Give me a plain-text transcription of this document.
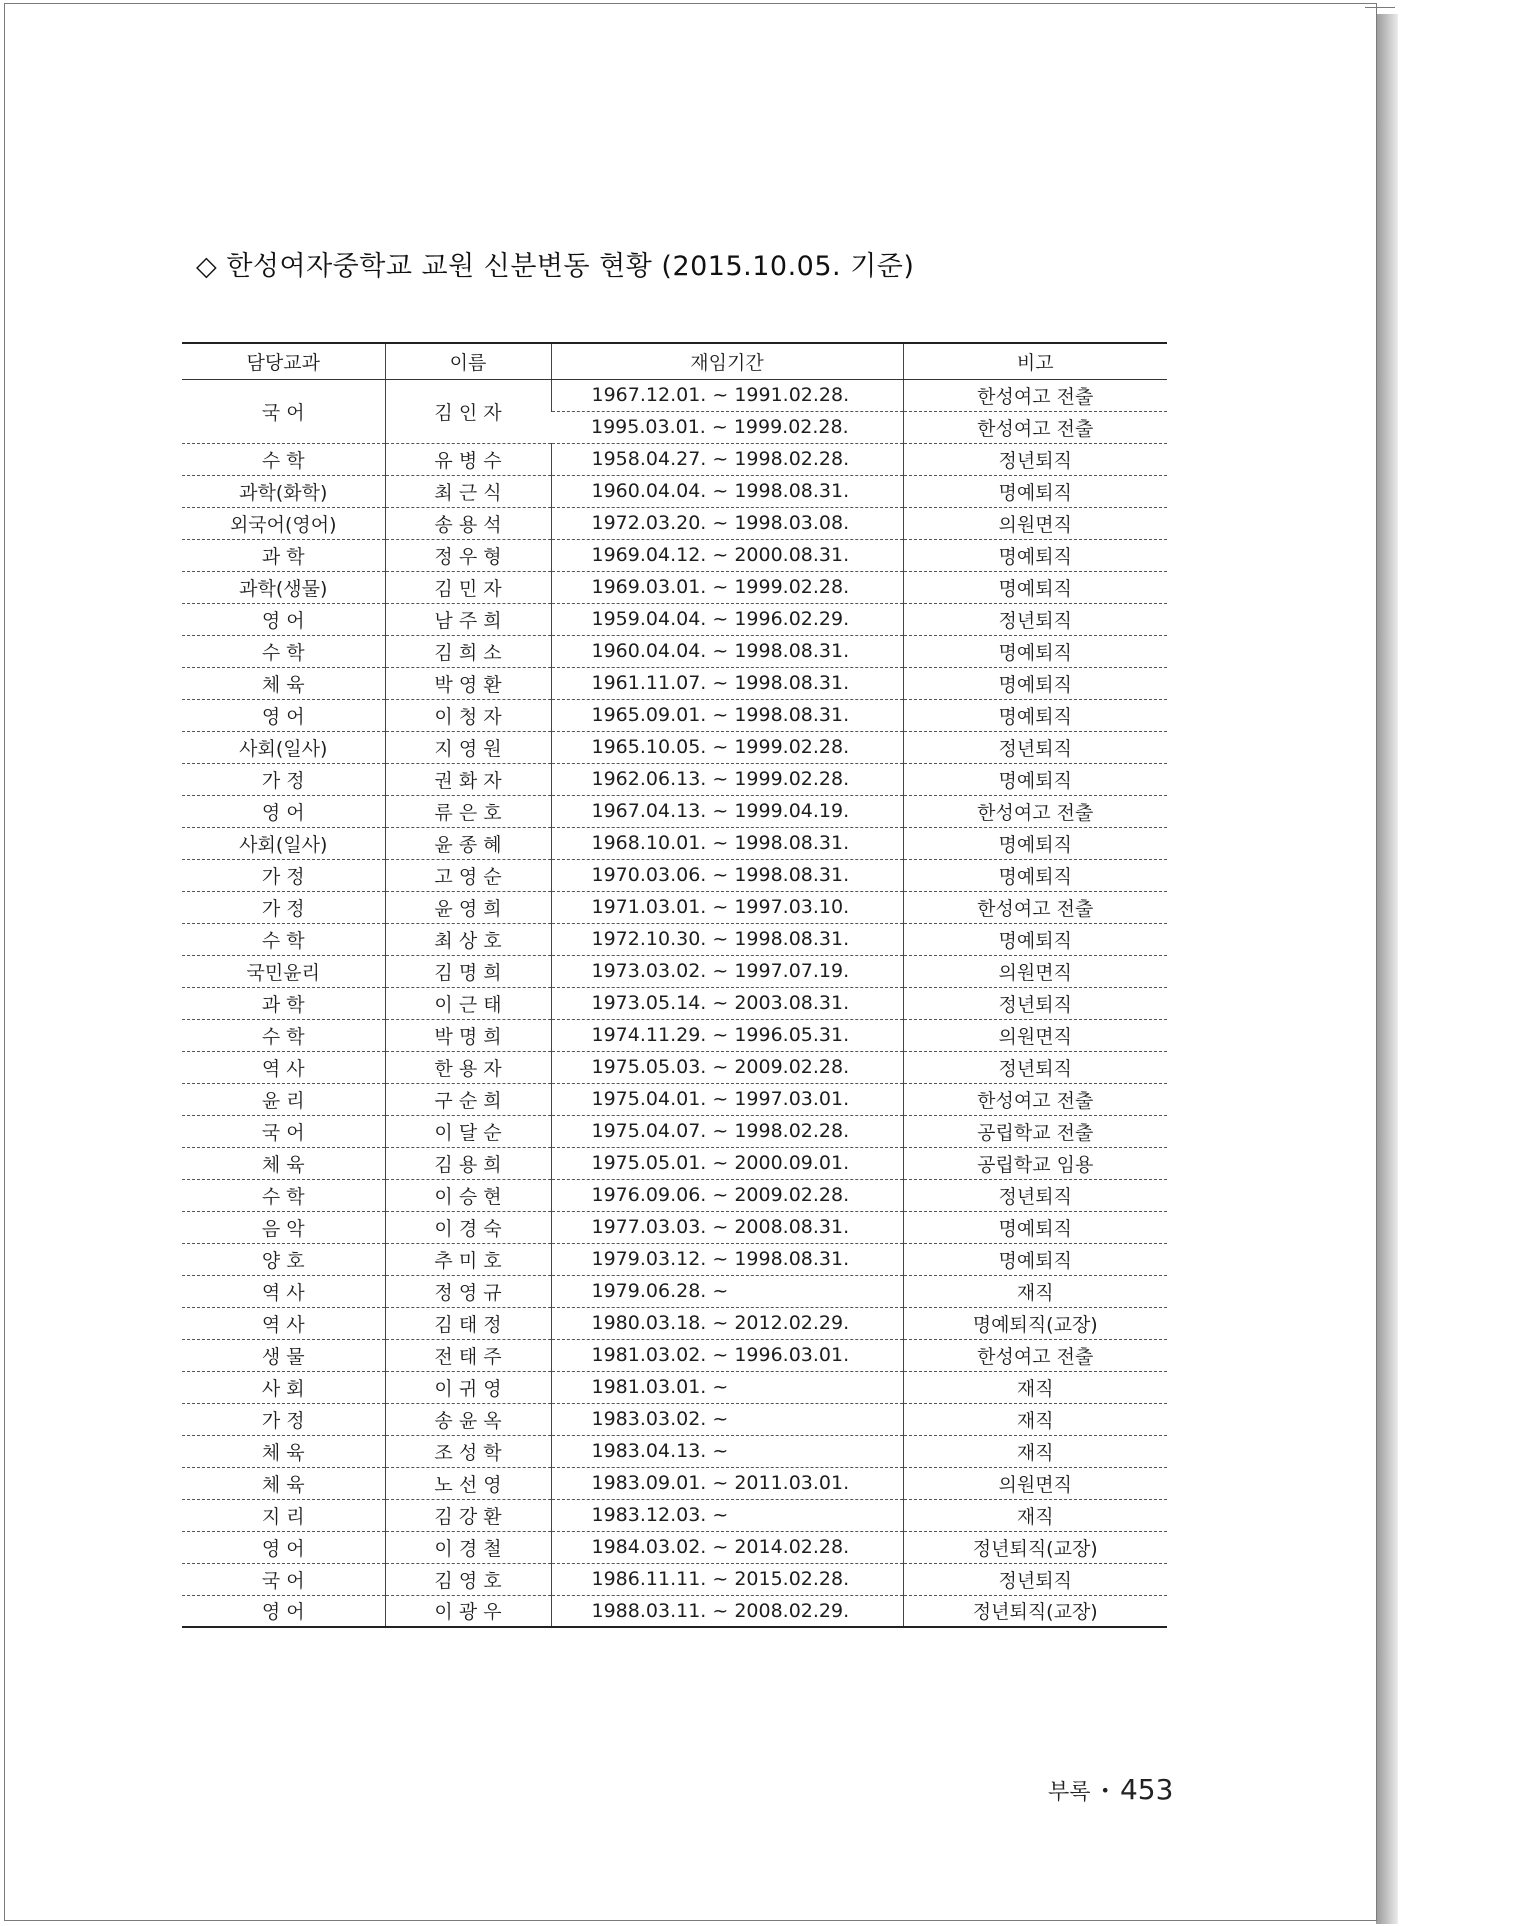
◇ 한성여자중학교 교원 신분변동 현황 (2015.10.05. 기준)
담당교과	이름	재임기간	비고
국 어	김 인 자	1967.12.01. ~ 1991.02.28.	한성여고 전출
		1995.03.01. ~ 1999.02.28.	한성여고 전출
수 학	유 병 수	1958.04.27. ~ 1998.02.28.	정년퇴직
과학(화학)	최 근 식	1960.04.04. ~ 1998.08.31.	명예퇴직
외국어(영어)	송 용 석	1972.03.20. ~ 1998.03.08.	의원면직
과 학	정 우 형	1969.04.12. ~ 2000.08.31.	명예퇴직
과학(생물)	김 민 자	1969.03.01. ~ 1999.02.28.	명예퇴직
영 어	남 주 희	1959.04.04. ~ 1996.02.29.	정년퇴직
수 학	김 희 소	1960.04.04. ~ 1998.08.31.	명예퇴직
체 육	박 영 환	1961.11.07. ~ 1998.08.31.	명예퇴직
영 어	이 청 자	1965.09.01. ~ 1998.08.31.	명예퇴직
사회(일사)	지 영 원	1965.10.05. ~ 1999.02.28.	정년퇴직
가 정	권 화 자	1962.06.13. ~ 1999.02.28.	명예퇴직
영 어	류 은 호	1967.04.13. ~ 1999.04.19.	한성여고 전출
사회(일사)	윤 종 혜	1968.10.01. ~ 1998.08.31.	명예퇴직
가 정	고 영 순	1970.03.06. ~ 1998.08.31.	명예퇴직
가 정	윤 영 희	1971.03.01. ~ 1997.03.10.	한성여고 전출
수 학	최 상 호	1972.10.30. ~ 1998.08.31.	명예퇴직
국민윤리	김 명 희	1973.03.02. ~ 1997.07.19.	의원면직
과 학	이 근 태	1973.05.14. ~ 2003.08.31.	정년퇴직
수 학	박 명 희	1974.11.29. ~ 1996.05.31.	의원면직
역 사	한 용 자	1975.05.03. ~ 2009.02.28.	정년퇴직
윤 리	구 순 희	1975.04.01. ~ 1997.03.01.	한성여고 전출
국 어	이 달 순	1975.04.07. ~ 1998.02.28.	공립학교 전출
체 육	김 용 희	1975.05.01. ~ 2000.09.01.	공립학교 임용
수 학	이 승 현	1976.09.06. ~ 2009.02.28.	정년퇴직
음 악	이 경 숙	1977.03.03. ~ 2008.08.31.	명예퇴직
양 호	추 미 호	1979.03.12. ~ 1998.08.31.	명예퇴직
역 사	정 영 규	1979.06.28. ~	재직
역 사	김 태 정	1980.03.18. ~ 2012.02.29.	명예퇴직(교장)
생 물	전 태 주	1981.03.02. ~ 1996.03.01.	한성여고 전출
사 회	이 귀 영	1981.03.01. ~	재직
가 정	송 윤 옥	1983.03.02. ~	재직
체 육	조 성 학	1983.04.13. ~	재직
체 육	노 선 영	1983.09.01. ~ 2011.03.01.	의원면직
지 리	김 강 환	1983.12.03. ~	재직
영 어	이 경 철	1984.03.02. ~ 2014.02.28.	정년퇴직(교장)
국 어	김 영 호	1986.11.11. ~ 2015.02.28.	정년퇴직
영 어	이 광 우	1988.03.11. ~ 2008.02.29.	정년퇴직(교장)
부록 • 453
